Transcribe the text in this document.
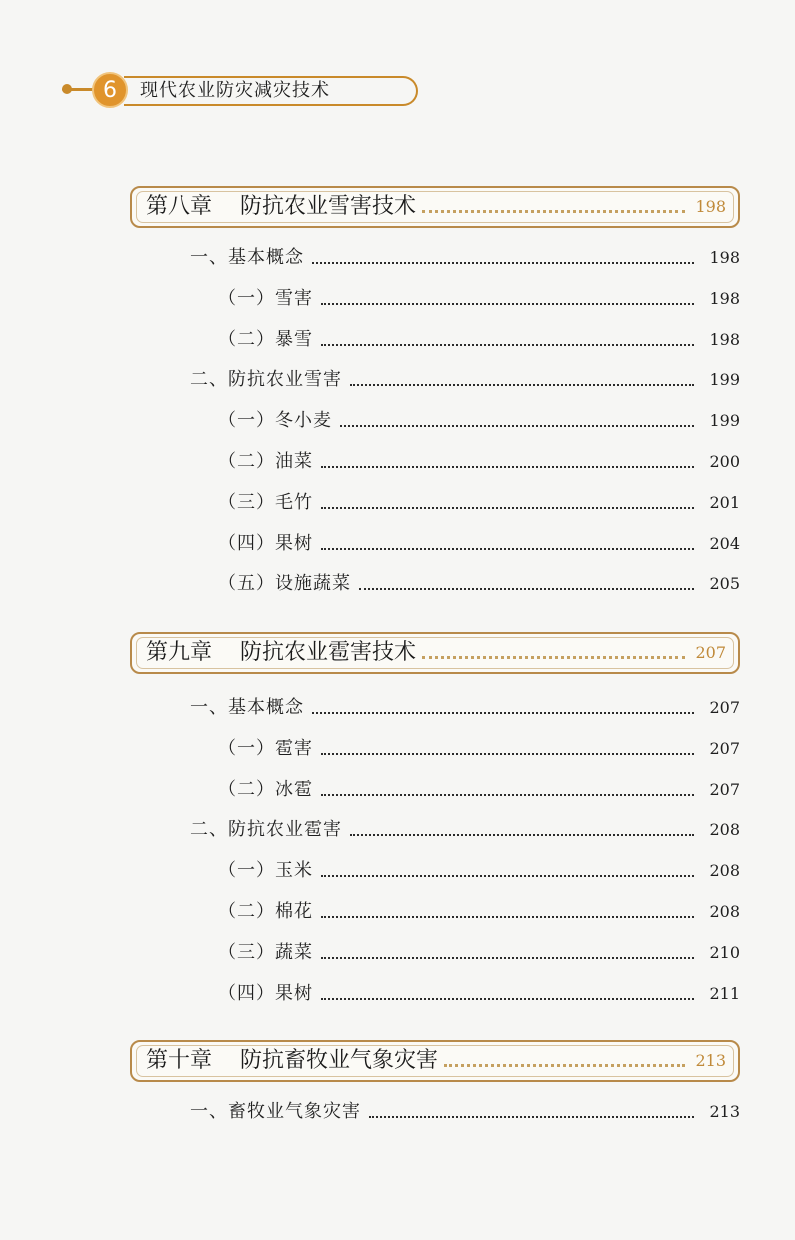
6	现代农业防灾减灾技术
第八章    防抗农业雪害技术	198
一、基本概念	198
（一）雪害	198
（二）暴雪	198
二、防抗农业雪害	199
（一）冬小麦	199
（二）油菜	200
（三）毛竹	201
（四）果树	204
（五）设施蔬菜	205
第九章    防抗农业雹害技术	207
一、基本概念	207
（一）雹害	207
（二）冰雹	207
二、防抗农业雹害	208
（一）玉米	208
（二）棉花	208
（三）蔬菜	210
（四）果树	211
第十章    防抗畜牧业气象灾害	213
一、畜牧业气象灾害	213
